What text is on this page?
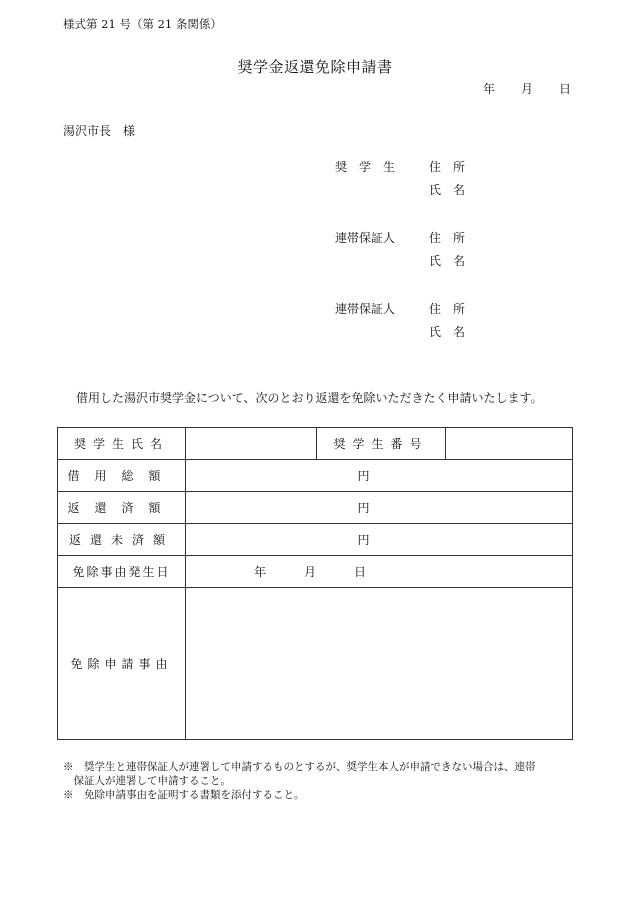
様式第 21 号（第 21 条関係）
奨学金返還免除申請書
年 月 日
湯沢市長　様
奨　学　生	住　所
氏　名
連帯保証人	住　所
氏　名
連帯保証人	住　所
氏　名
借用した湯沢市奨学金について、次のとおり返還を免除いただきたく申請いたします。
奨学生氏名		奨学生番号	
借用総額	円		
返還済額	円		
返還未済額	円		
免除事由発生日	年 月 日		
免除申請事由			
※　奨学生と連帯保証人が連署して申請するものとするが、奨学生本人が申請できない場合は、連帯
　保証人が連署して申請すること。
※　免除申請事由を証明する書類を添付すること。
